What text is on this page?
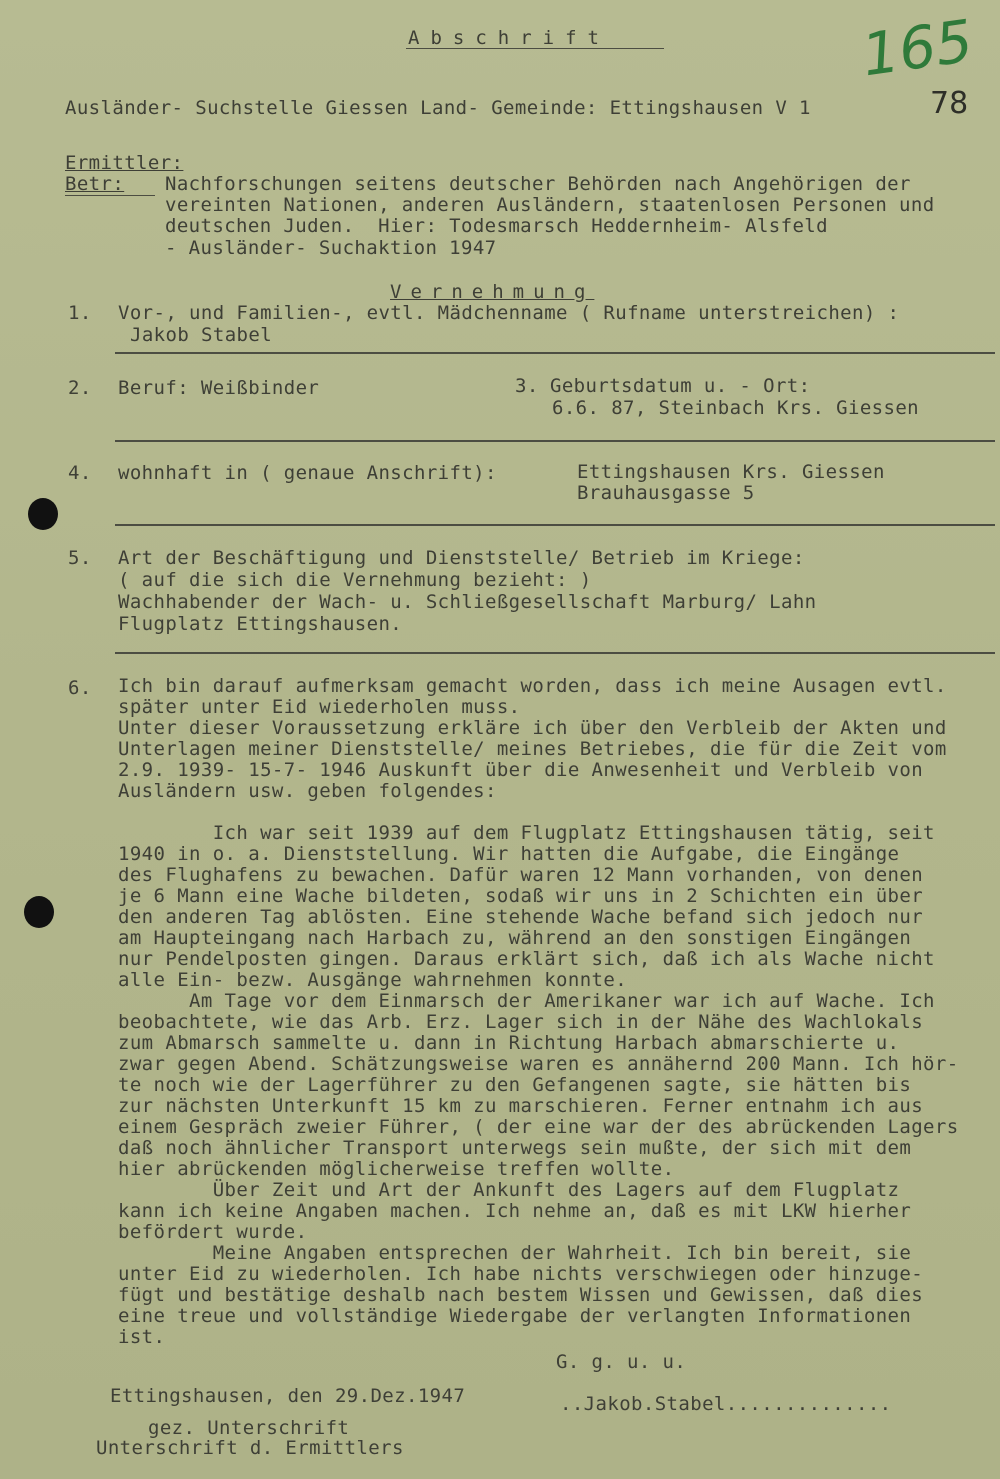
Abschrift	165
78
Ausländer- Suchstelle Giessen Land- Gemeinde: Ettingshausen V 1
Ermittler:
Betr: Nachforschungen seitens deutscher Behörden nach Angehörigen der
vereinten Nationen, anderen Ausländern, staatenlosen Personen und
deutschen Juden.  Hier: Todesmarsch Heddernheim- Alsfeld
- Ausländer- Suchaktion 1947
Vernehmung
1. Vor-, und Familien-, evtl. Mädchenname ( Rufname unterstreichen) :
Jakob Stabel
2. Beruf: Weißbinder	3. Geburtsdatum u. - Ort:
6.6. 87, Steinbach Krs. Giessen
4. wohnhaft in ( genaue Anschrift):	Ettingshausen Krs. Giessen
Brauhausgasse 5
5. Art der Beschäftigung und Dienststelle/ Betrieb im Kriege:
( auf die sich die Vernehmung bezieht: )
Wachhabender der Wach- u. Schließgesellschaft Marburg/ Lahn
Flugplatz Ettingshausen.
6. Ich bin darauf aufmerksam gemacht worden, dass ich meine Ausagen evtl.
später unter Eid wiederholen muss.
Unter dieser Voraussetzung erkläre ich über den Verbleib der Akten und
Unterlagen meiner Dienststelle/ meines Betriebes, die für die Zeit vom
2.9. 1939- 15-7- 1946 Auskunft über die Anwesenheit und Verbleib von
Ausländern usw. geben folgendes:
Ich war seit 1939 auf dem Flugplatz Ettingshausen tätig, seit
1940 in o. a. Dienststellung. Wir hatten die Aufgabe, die Eingänge
des Flughafens zu bewachen. Dafür waren 12 Mann vorhanden, von denen
je 6 Mann eine Wache bildeten, sodaß wir uns in 2 Schichten ein über
den anderen Tag ablösten. Eine stehende Wache befand sich jedoch nur
am Haupteingang nach Harbach zu, während an den sonstigen Eingängen
nur Pendelposten gingen. Daraus erklärt sich, daß ich als Wache nicht
alle Ein- bezw. Ausgänge wahrnehmen konnte.
Am Tage vor dem Einmarsch der Amerikaner war ich auf Wache. Ich
beobachtete, wie das Arb. Erz. Lager sich in der Nähe des Wachlokals
zum Abmarsch sammelte u. dann in Richtung Harbach abmarschierte u.
zwar gegen Abend. Schätzungsweise waren es annähernd 200 Mann. Ich hör-
te noch wie der Lagerführer zu den Gefangenen sagte, sie hätten bis
zur nächsten Unterkunft 15 km zu marschieren. Ferner entnahm ich aus
einem Gespräch zweier Führer, ( der eine war der des abrückenden Lagers
daß noch ähnlicher Transport unterwegs sein mußte, der sich mit dem
hier abrückenden möglicherweise treffen wollte.
Über Zeit und Art der Ankunft des Lagers auf dem Flugplatz
kann ich keine Angaben machen. Ich nehme an, daß es mit LKW hierher
befördert wurde.
Meine Angaben entsprechen der Wahrheit. Ich bin bereit, sie
unter Eid zu wiederholen. Ich habe nichts verschwiegen oder hinzuge-
fügt und bestätige deshalb nach bestem Wissen und Gewissen, daß dies
eine treue und vollständige Wiedergabe der verlangten Informationen
ist.
G. g. u. u.
Ettingshausen, den 29.Dez.1947	..Jakob.Stabel..............
gez. Unterschrift
Unterschrift d. Ermittlers
